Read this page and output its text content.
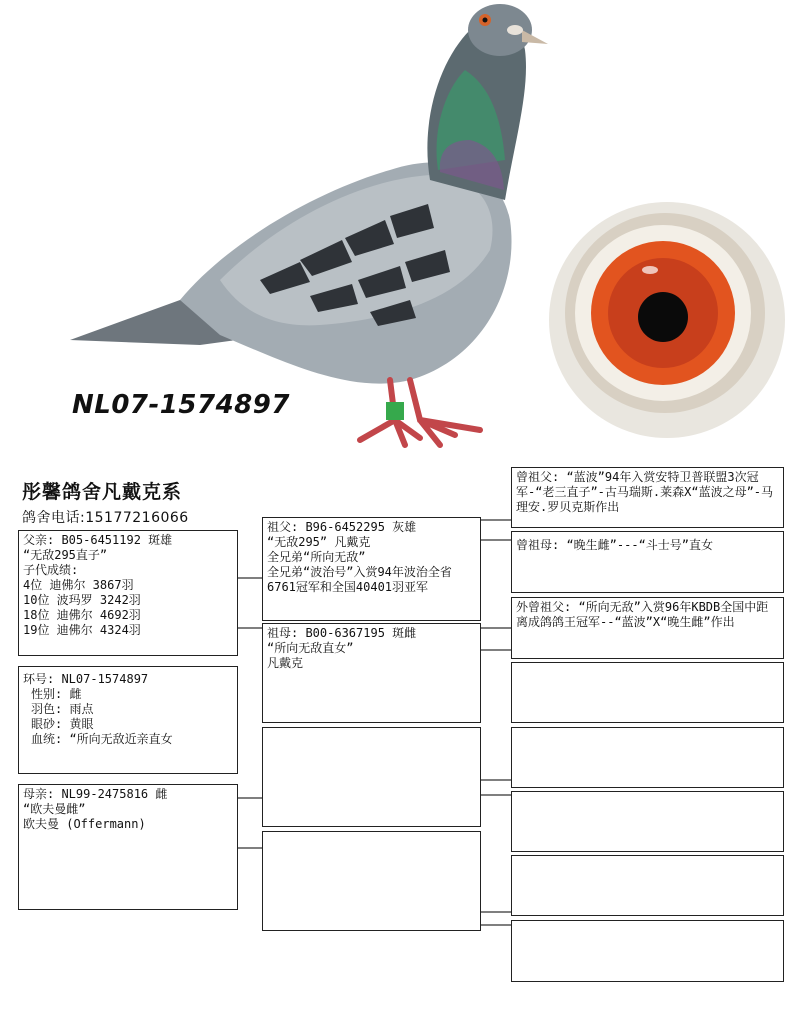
NL07-1574897
彤馨鸽舍凡戴克系
鸽舍电话:15177216066
父亲: B05-6451192 斑雄
“无敌295直子”
子代成绩:
4位 迪佛尔 3867羽
10位 波玛罗 3242羽
18位 迪佛尔 4692羽
19位 迪佛尔 4324羽
环号: NL07-1574897
性别: 雌
羽色: 雨点
眼砂: 黄眼
血统: “所向无敌近亲直女
母亲: NL99-2475816 雌
“欧夫曼雌”
欧夫曼 (Offermann)
祖父: B96-6452295 灰雄
“无敌295” 凡戴克
全兄弟“所向无敌”
全兄弟“波治号”入赏94年波治全省6761冠军和全国40401羽亚军
祖母: B00-6367195 斑雌
“所向无敌直女”
凡戴克
曾祖父: “蓝波”94年入赏安特卫普联盟3次冠军-“老三直子”-古马瑞斯.莱森X“蓝波之母”-马理安.罗贝克斯作出
曾祖母: “晚生雌”---“斗士号”直女
外曾祖父: “所向无敌”入赏96年KBDB全国中距离成鸽鸽王冠军--“蓝波”X“晚生雌”作出
